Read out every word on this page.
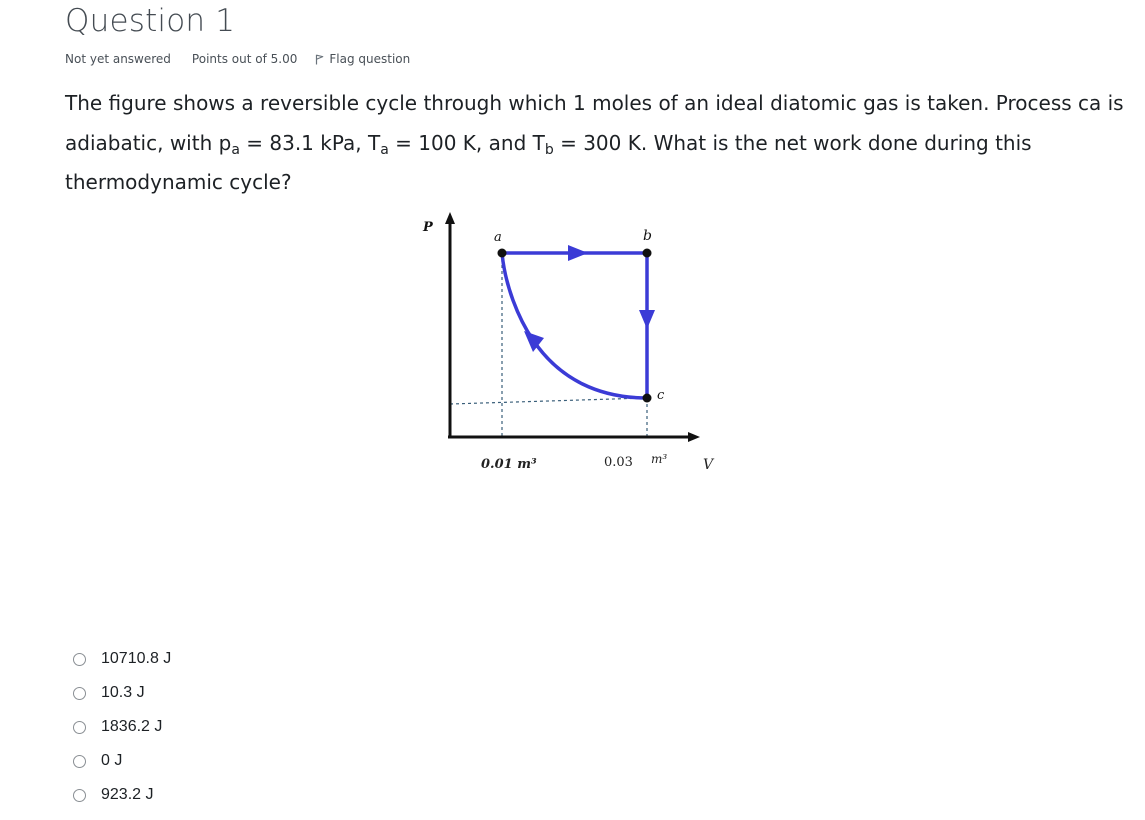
Question 1
Not yet answered Points out of 5.00	Flag question
The figure shows a reversible cycle through which 1 moles of an ideal diatomic gas is taken. Process ca is adiabatic, with $p_a = 83.1$ kPa, $T_a = 100$ K, and $T_b = 300$ K. What is the net work done during this thermodynamic cycle?
P
a	b
c
0.01 m³	0.03 m³	V
10710.8 J
10.3 J
1836.2 J
0 J
923.2 J
